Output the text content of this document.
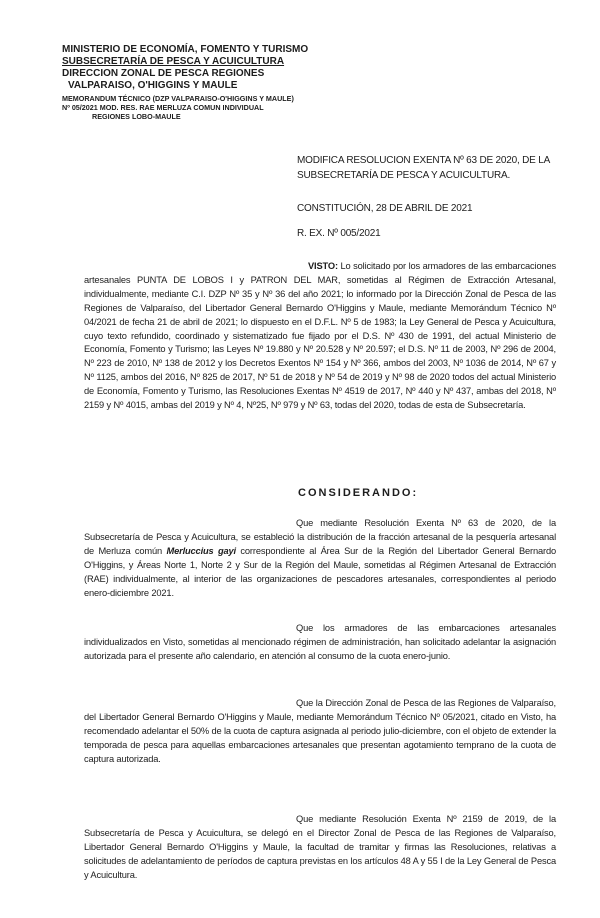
MINISTERIO DE ECONOMÍA, FOMENTO Y TURISMO
SUBSECRETARÍA DE PESCA Y ACUICULTURA
DIRECCION ZONAL DE PESCA REGIONES
VALPARAISO, O'HIGGINS Y MAULE
MEMORANDUM TÉCNICO (DZP VALPARAISO-O'HIGGINS Y MAULE)
Nº 05/2021 MOD. RES. RAE MERLUZA COMUN INDIVIDUAL
REGIONES LOBO-MAULE
MODIFICA RESOLUCION EXENTA Nº 63 DE 2020, DE LA SUBSECRETARÍA DE PESCA Y ACUICULTURA.
CONSTITUCIÓN, 28 DE ABRIL DE 2021
R. EX. Nº 005/2021
VISTO: Lo solicitado por los armadores de las embarcaciones artesanales PUNTA DE LOBOS I y PATRON DEL MAR, sometidas al Régimen de Extracción Artesanal, individualmente, mediante C.I. DZP Nº 35 y Nº 36 del año 2021; lo informado por la Dirección Zonal de Pesca de las Regiones de Valparaíso, del Libertador General Bernardo O'Higgins y Maule, mediante Memorándum Técnico Nº 04/2021 de fecha 21 de abril de 2021; lo dispuesto en el D.F.L. Nº 5 de 1983; la Ley General de Pesca y Acuicultura, cuyo texto refundido, coordinado y sistematizado fue fijado por el D.S. Nº 430 de 1991, del actual Ministerio de Economía, Fomento y Turismo; las Leyes Nº 19.880 y Nº 20.528 y Nº 20.597; el D.S. Nº 11 de 2003, Nº 296 de 2004, Nº 223 de 2010, Nº 138 de 2012 y los Decretos Exentos Nº 154 y Nº 366, ambos del 2003, Nº 1036 de 2014, Nº 67 y Nº 1125, ambos del 2016, Nº 825 de 2017, Nº 51 de 2018 y Nº 54 de 2019 y Nº 98 de 2020 todos del actual Ministerio de Economía, Fomento y Turismo, las Resoluciones Exentas Nº 4519 de 2017, Nº 440 y Nº 437, ambas del 2018, Nº 2159 y Nº 4015, ambas del 2019 y Nº 4, Nº25, Nº 979 y Nº 63, todas del 2020, todas de esta de Subsecretaría.
CONSIDERANDO:
Que mediante Resolución Exenta Nº 63 de 2020, de la Subsecretaría de Pesca y Acuicultura, se estableció la distribución de la fracción artesanal de la pesquería artesanal de Merluza común Merluccius gayi correspondiente al Área Sur de la Región del Libertador General Bernardo O'Higgins, y Áreas Norte 1, Norte 2 y Sur de la Región del Maule, sometidas al Régimen Artesanal de Extracción (RAE) individualmente, al interior de las organizaciones de pescadores artesanales, correspondientes al periodo enero-diciembre 2021.
Que los armadores de las embarcaciones artesanales individualizados en Visto, sometidas al mencionado régimen de administración, han solicitado adelantar la asignación autorizada para el presente año calendario, en atención al consumo de la cuota enero-junio.
Que la Dirección Zonal de Pesca de las Regiones de Valparaíso, del Libertador General Bernardo O'Higgins y Maule, mediante Memorándum Técnico Nº 05/2021, citado en Visto, ha recomendado adelantar el 50% de la cuota de captura asignada al periodo julio-diciembre, con el objeto de extender la temporada de pesca para aquellas embarcaciones artesanales que presentan agotamiento temprano de la cuota de captura autorizada.
Que mediante Resolución Exenta Nº 2159 de 2019, de la Subsecretaría de Pesca y Acuicultura, se delegó en el Director Zonal de Pesca de las Regiones de Valparaíso, Libertador General Bernardo O'Higgins y Maule, la facultad de tramitar y firmas las Resoluciones, relativas a solicitudes de adelantamiento de períodos de captura previstas en los artículos 48 A y 55 I de la Ley General de Pesca y Acuicultura.
